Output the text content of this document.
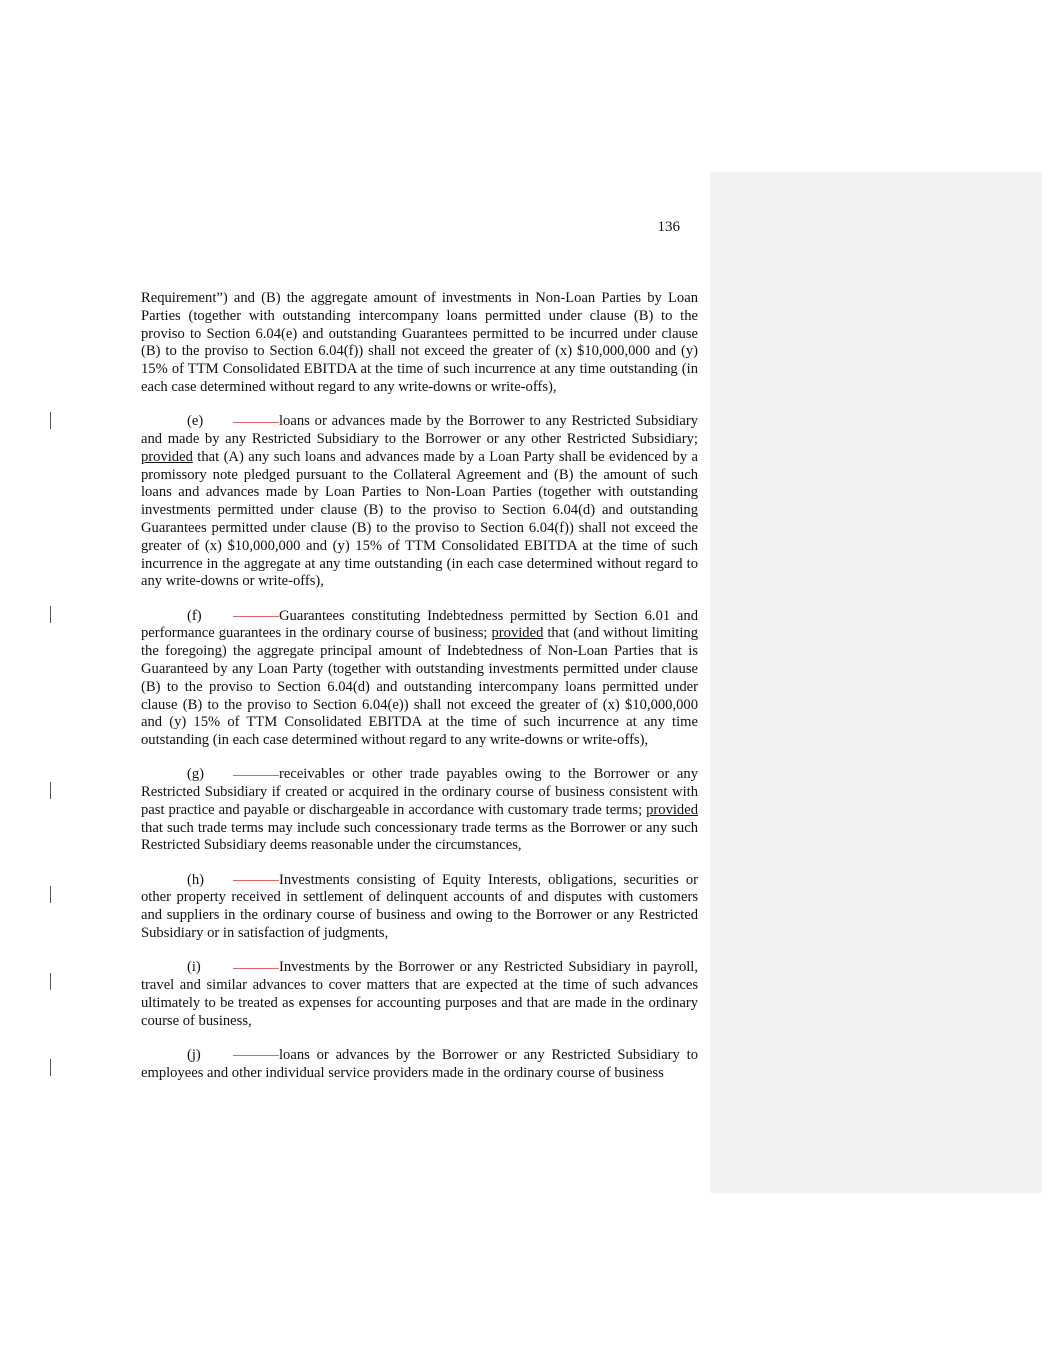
136

Requirement”) and (B) the aggregate amount of investments in Non-Loan Parties by Loan Parties (together with outstanding intercompany loans permitted under clause (B) to the proviso to Section 6.04(e) and outstanding Guarantees permitted to be incurred under clause (B) to the proviso to Section 6.04(f)) shall not exceed the greater of (x) $10,000,000 and (y) 15% of TTM Consolidated EBITDA at the time of such incurrence at any time outstanding (in each case determined without regard to any write-downs or write-offs),

(e)	loans or advances made by the Borrower to any Restricted Subsidiary and made by any Restricted Subsidiary to the Borrower or any other Restricted Subsidiary; provided that (A) any such loans and advances made by a Loan Party shall be evidenced by a promissory note pledged pursuant to the Collateral Agreement and (B) the amount of such loans and advances made by Loan Parties to Non-Loan Parties (together with outstanding investments permitted under clause (B) to the proviso to Section 6.04(d) and outstanding Guarantees permitted under clause (B) to the proviso to Section 6.04(f)) shall not exceed the greater of (x) $10,000,000 and (y) 15% of TTM Consolidated EBITDA at the time of such incurrence in the aggregate at any time outstanding (in each case determined without regard to any write-downs or write-offs),

(f)	Guarantees constituting Indebtedness permitted by Section 6.01 and performance guarantees in the ordinary course of business; provided that (and without limiting the foregoing) the aggregate principal amount of Indebtedness of Non-Loan Parties that is Guaranteed by any Loan Party (together with outstanding investments permitted under clause (B) to the proviso to Section 6.04(d) and outstanding intercompany loans permitted under clause (B) to the proviso to Section 6.04(e)) shall not exceed the greater of (x) $10,000,000 and (y) 15% of TTM Consolidated EBITDA at the time of such incurrence at any time outstanding (in each case determined without regard to any write-downs or write-offs),

(g)	receivables or other trade payables owing to the Borrower or any Restricted Subsidiary if created or acquired in the ordinary course of business consistent with past practice and payable or dischargeable in accordance with customary trade terms; provided that such trade terms may include such concessionary trade terms as the Borrower or any such Restricted Subsidiary deems reasonable under the circumstances,

(h)	Investments consisting of Equity Interests, obligations, securities or other property received in settlement of delinquent accounts of and disputes with customers and suppliers in the ordinary course of business and owing to the Borrower or any Restricted Subsidiary or in satisfaction of judgments,

(i)	Investments by the Borrower or any Restricted Subsidiary in payroll, travel and similar advances to cover matters that are expected at the time of such advances ultimately to be treated as expenses for accounting purposes and that are made in the ordinary course of business,

(j)	loans or advances by the Borrower or any Restricted Subsidiary to employees and other individual service providers made in the ordinary course of business
